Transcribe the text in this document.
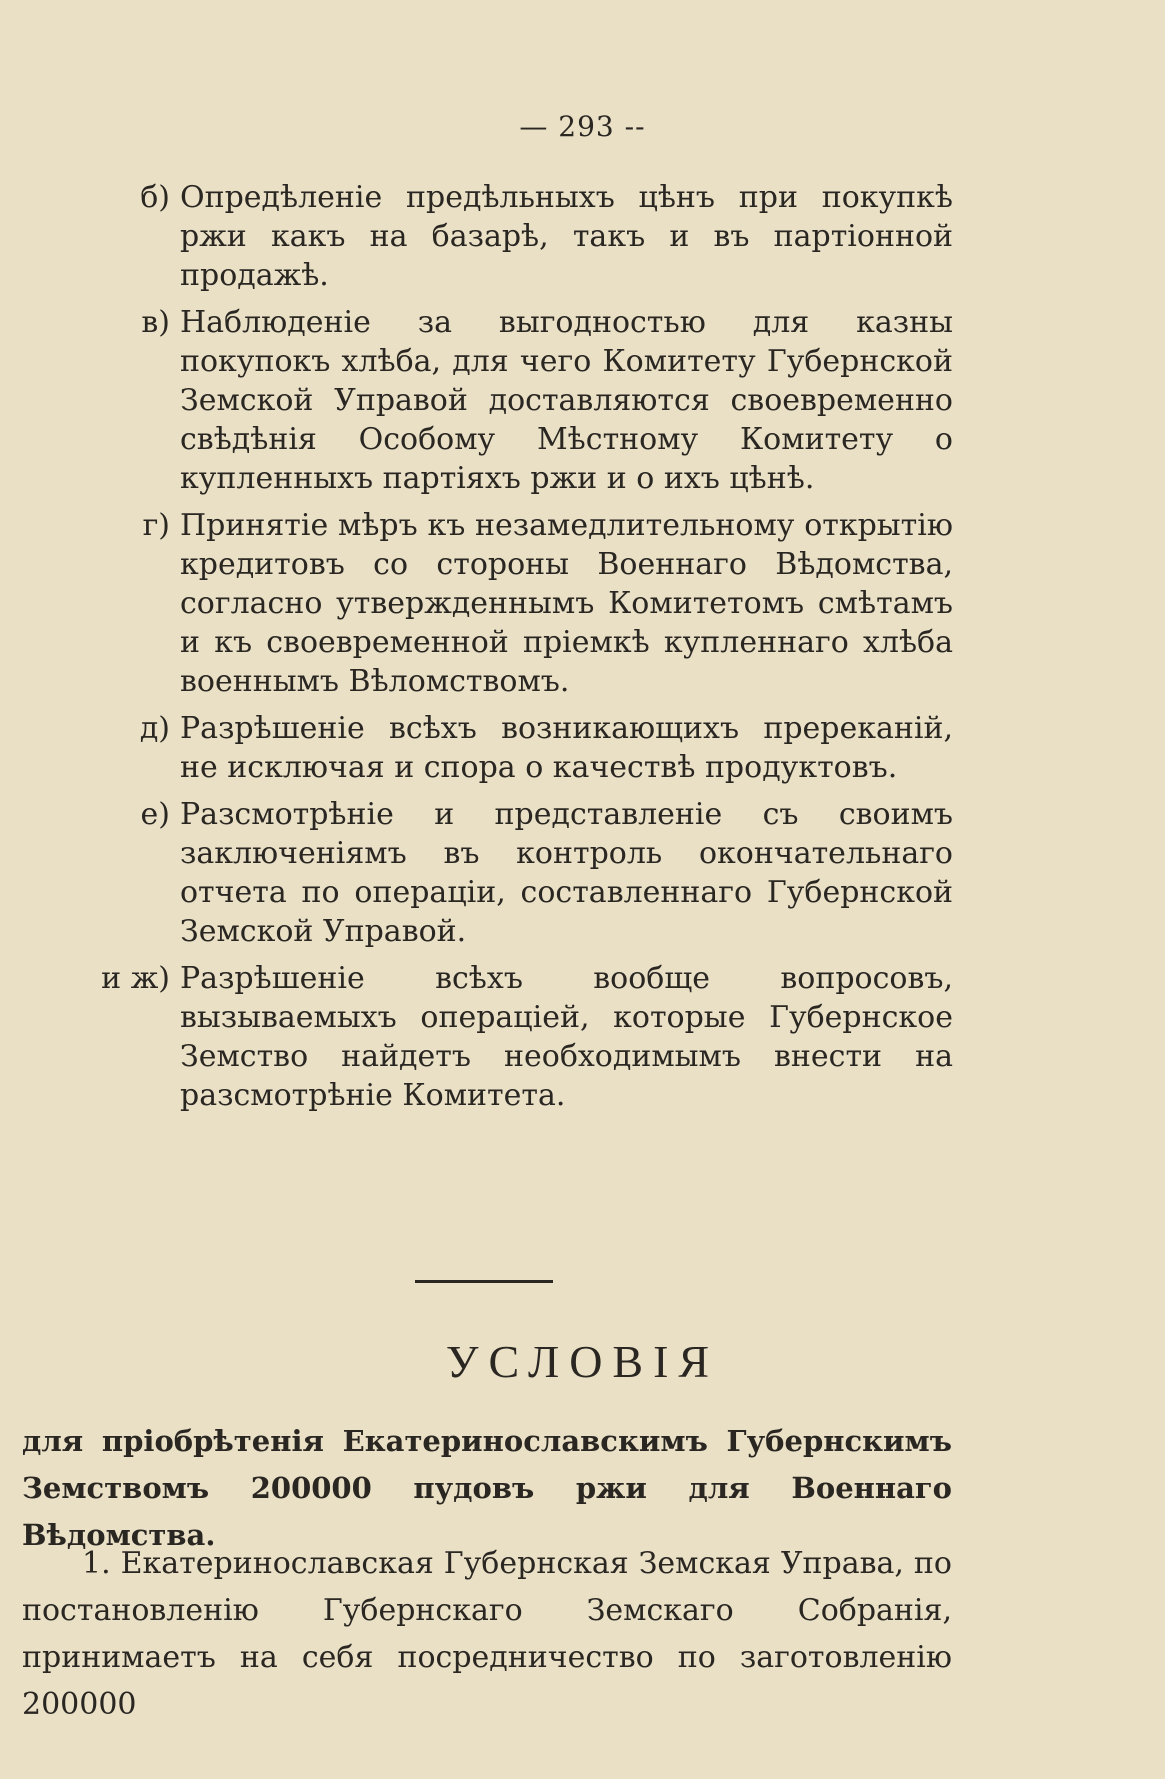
— 293 --
б) Опредѣленіе предѣльныхъ цѣнъ при покупкѣ ржи какъ на базарѣ, такъ и въ партіонной продажѣ.
в) Наблюденіе за выгодностью для казны покупокъ хлѣба, для чего Комитету Губернской Земской Управой доставляются своевременно свѣдѣнія Особому Мѣстному Комитету о купленныхъ партіяхъ ржи и о ихъ цѣнѣ.
г) Принятіе мѣръ къ незамедлительному открытію кредитовъ со стороны Военнаго Вѣдомства, согласно утвержденнымъ Комитетомъ смѣтамъ и къ своевременной пріемкѣ купленнаго хлѣба военнымъ Вѣломствомъ.
д) Разрѣшеніе всѣхъ возникающихъ пререканій, не исключая и спора о качествѣ продуктовъ.
е) Разсмотрѣніе и представленіе съ своимъ заключеніямъ въ контроль окончательнаго отчета по операціи, составленнаго Губернской Земской Управой.
и ж) Разрѣшеніе всѣхъ вообще вопросовъ, вызываемыхъ операціей, которые Губернское Земство найдетъ необходимымъ внести на разсмотрѣніе Комитета.
УСЛОВІЯ
для пріобрѣтенія Екатеринославскимъ Губернскимъ Земствомъ 200000 пудовъ ржи для Военнаго Вѣдомства.
1. Екатеринославская Губернская Земская Управа, по постановленію Губернскаго Земскаго Собранія, принимаетъ на себя посредничество по заготовленію 200000
